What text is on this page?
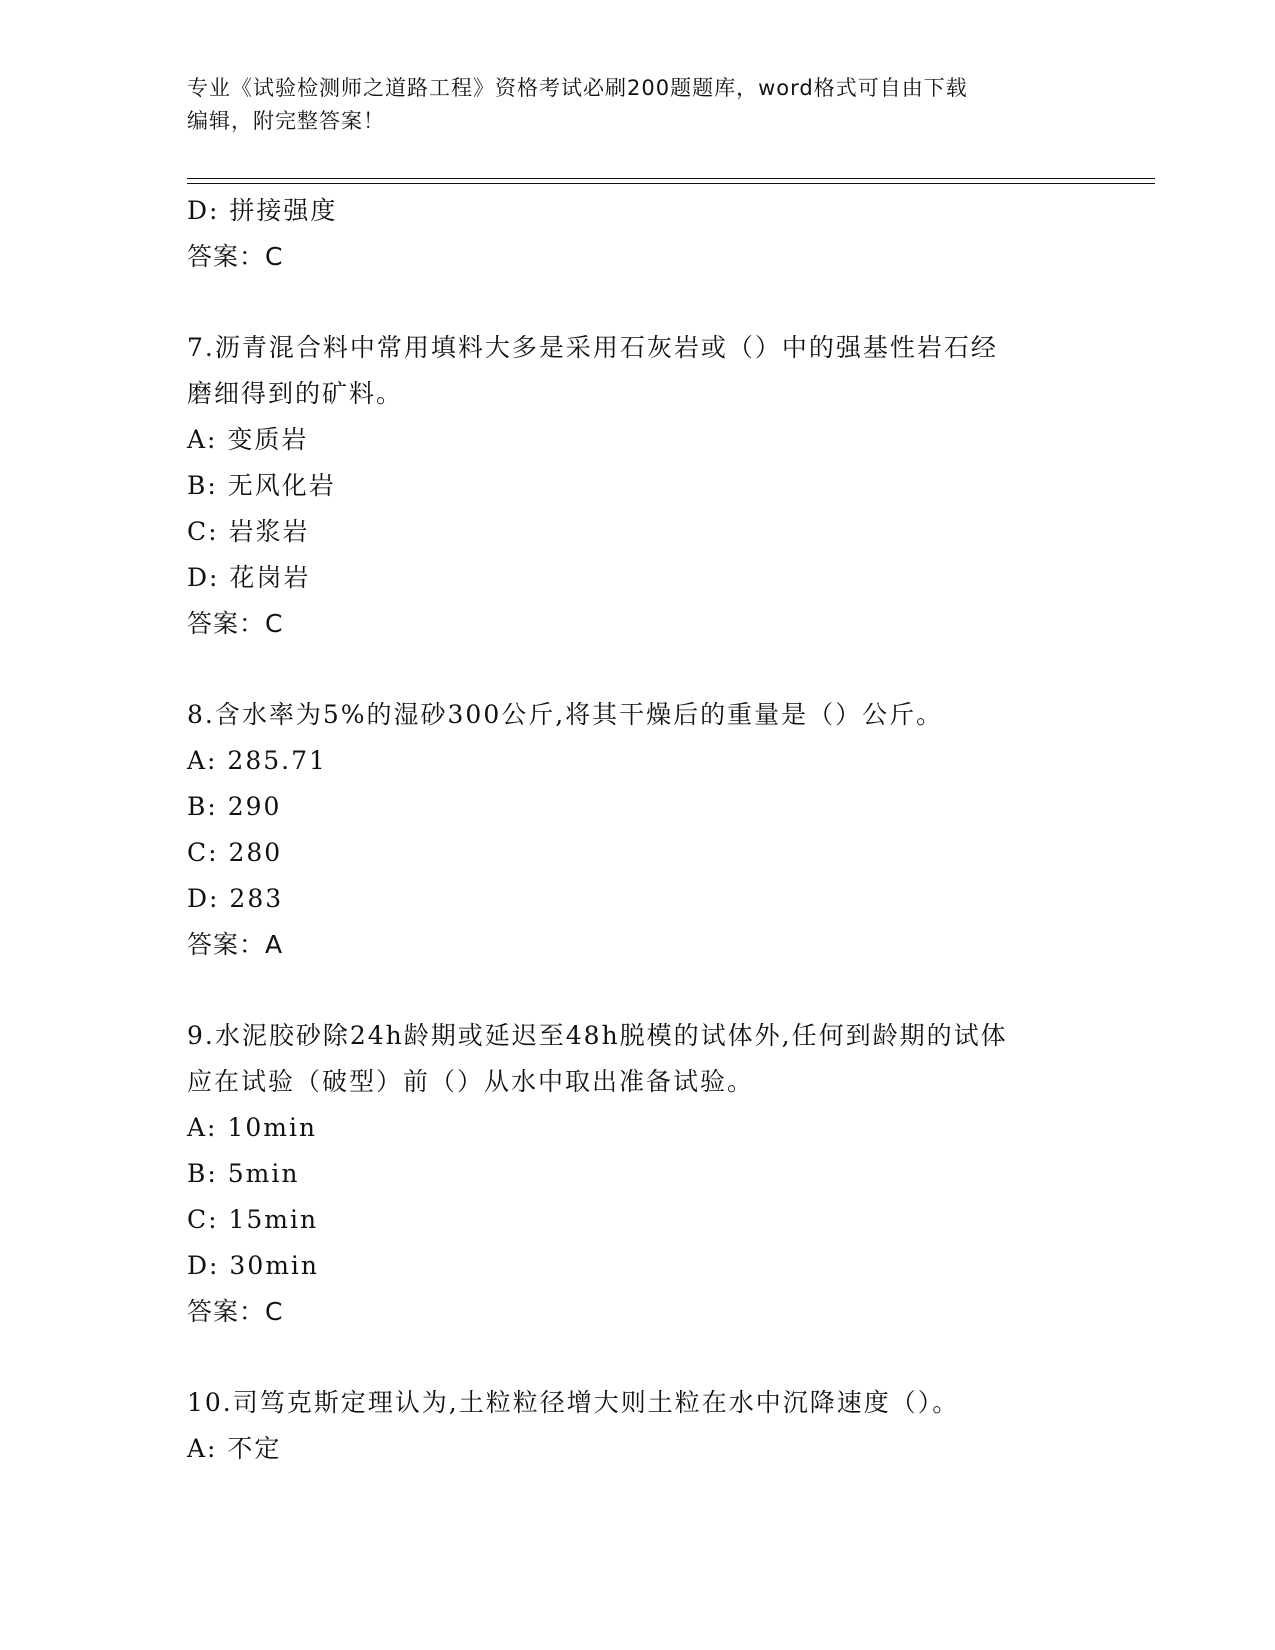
专业《试验检测师之道路工程》资格考试必刷200题题库，word格式可自由下载
编辑，附完整答案！
D: 拼接强度
答案：C
7.沥青混合料中常用填料大多是采用石灰岩或（）中的强基性岩石经
磨细得到的矿料。
A: 变质岩
B: 无风化岩
C: 岩浆岩
D: 花岗岩
答案：C
8.含水率为5%的湿砂300公斤,将其干燥后的重量是（）公斤。
A: 285.71
B: 290
C: 280
D: 283
答案：A
9.水泥胶砂除24h龄期或延迟至48h脱模的试体外,任何到龄期的试体
应在试验（破型）前（）从水中取出准备试验。
A: 10min
B: 5min
C: 15min
D: 30min
答案：C
10.司笃克斯定理认为,土粒粒径增大则土粒在水中沉降速度（）。
A: 不定
